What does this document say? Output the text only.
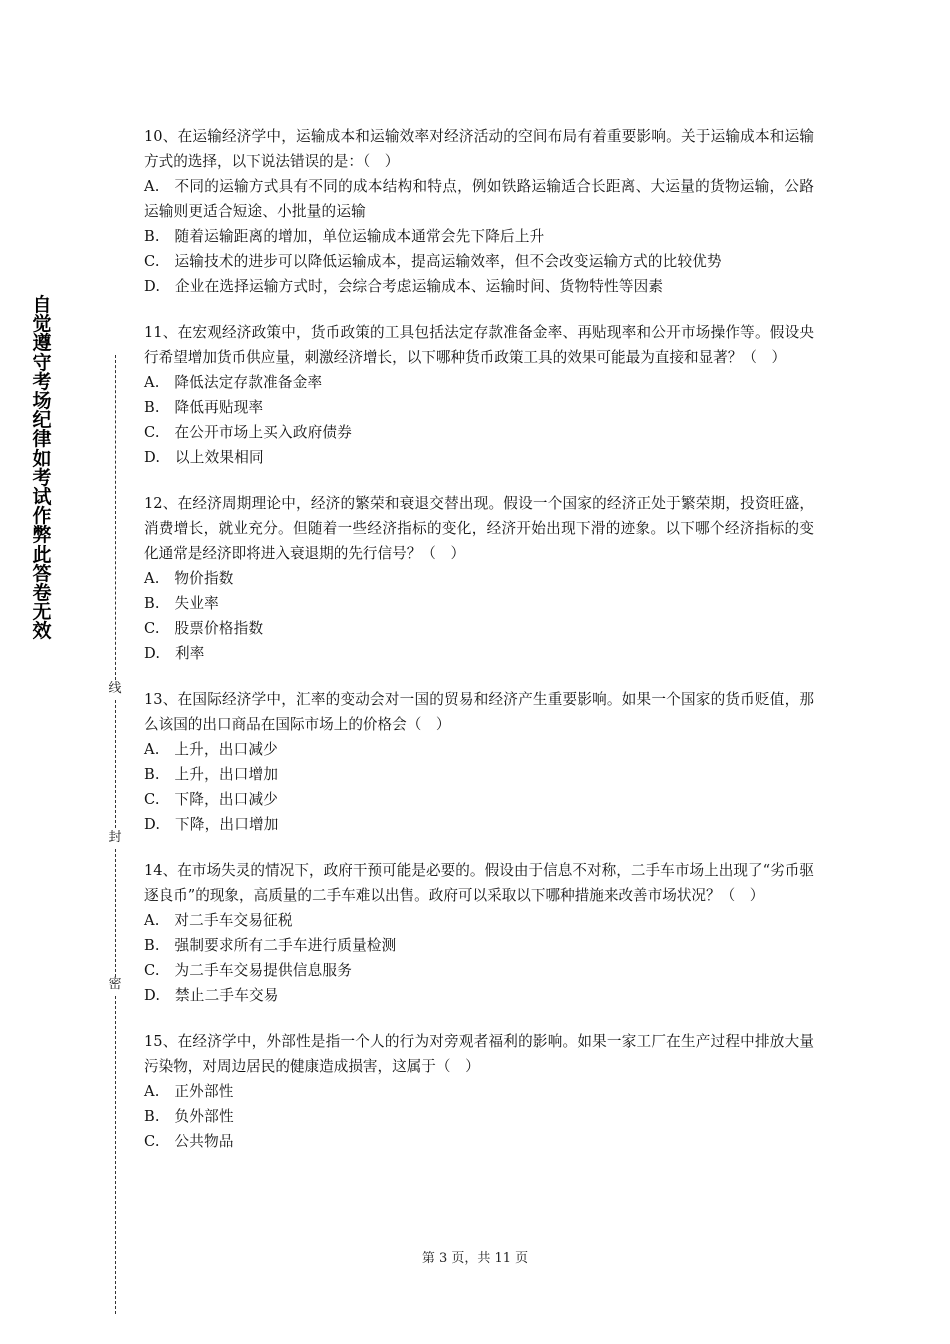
自觉遵守考场纪律如考试作弊此答卷无效
线
封
密

10、在运输经济学中，运输成本和运输效率对经济活动的空间布局有着重要影响。关于运输成本和运输方式的选择，以下说法错误的是：（　）

A.　不同的运输方式具有不同的成本结构和特点，例如铁路运输适合长距离、大运量的货物运输，公路运输则更适合短途、小批量的运输

B.　随着运输距离的增加，单位运输成本通常会先下降后上升

C.　运输技术的进步可以降低运输成本，提高运输效率，但不会改变运输方式的比较优势

D.　企业在选择运输方式时，会综合考虑运输成本、运输时间、货物特性等因素

11、在宏观经济政策中，货币政策的工具包括法定存款准备金率、再贴现率和公开市场操作等。假设央行希望增加货币供应量，刺激经济增长，以下哪种货币政策工具的效果可能最为直接和显著？（　）

A.　降低法定存款准备金率

B.　降低再贴现率

C.　在公开市场上买入政府债券

D.　以上效果相同

12、在经济周期理论中，经济的繁荣和衰退交替出现。假设一个国家的经济正处于繁荣期，投资旺盛，消费增长，就业充分。但随着一些经济指标的变化，经济开始出现下滑的迹象。以下哪个经济指标的变化通常是经济即将进入衰退期的先行信号？（　）

A.　物价指数

B.　失业率

C.　股票价格指数

D.　利率

13、在国际经济学中，汇率的变动会对一国的贸易和经济产生重要影响。如果一个国家的货币贬值，那么该国的出口商品在国际市场上的价格会（　）

A.　上升，出口减少

B.　上升，出口增加

C.　下降，出口减少

D.　下降，出口增加

14、在市场失灵的情况下，政府干预可能是必要的。假设由于信息不对称，二手车市场上出现了“劣币驱逐良币”的现象，高质量的二手车难以出售。政府可以采取以下哪种措施来改善市场状况？（　）

A.　对二手车交易征税

B.　强制要求所有二手车进行质量检测

C.　为二手车交易提供信息服务

D.　禁止二手车交易

15、在经济学中，外部性是指一个人的行为对旁观者福利的影响。如果一家工厂在生产过程中排放大量污染物，对周边居民的健康造成损害，这属于（　）

A.　正外部性

B.　负外部性

C.　公共物品

第 3 页，共 11 页
